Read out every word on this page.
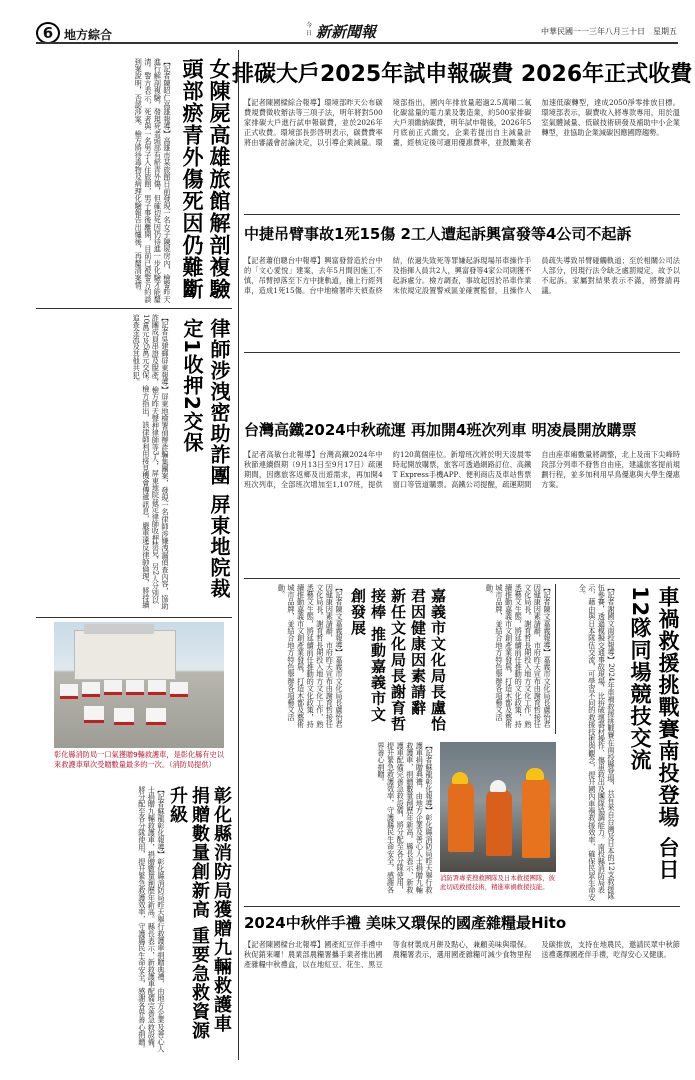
6 地方綜合
今日 新新聞報	中華民國一一三年八月三十日　星期五
女陳屍高雄旅館解剖複驗 頭部瘀青外傷死因仍難斷
【記者陳昭仁高雄報導】高雄市某旅館日前發現一名女子陳屍房內，檢警昨天進行解剖複驗，發現死者頭部有瘀青外傷，但確切死因仍待進一步化驗才能釐清。警方表示，死者與一名男子入住旅館，男子事後離開，目前已被警方約談到案說明，否認涉案。檢方將待毒物及病理化驗報告出爐後，再釐清案情。
律師涉洩密助詐團 屏東地院裁定1收押2交保
【記者吳建輝屏東報導】屏東地檢署偵辦詐騙集團案，發現一名律師涉嫌洩漏偵查內容，協助詐團成員串證及脫產，檢方昨天聲押律師等3人，屏東地院裁定律師收押禁見，另2人分別以10萬元及5萬元交保。檢方指出，該律師利用接見機會傳遞訊息，嚴重違反律師倫理，將持續追查金流及其他共犯。
彰化縣消防局一口氣獲贈9輛救護車，是彰化縣有史以來救護車單次受贈數量最多的一次。（消防局提供）
彰化縣消防局獲贈九輛救護車 捐贈數量創新高 重要急救資源升級
【記者蘇龍彰化報導】彰化縣消防局昨天舉行救護車捐贈典禮，由地方企業及善心人士捐贈九輛救護車，捐贈數量創歷年新高。縣長表示，新救護車配備完善急救設備，將分配至各分隊使用，提升緊急救護效率，守護縣民生命安全，感謝各界善心捐贈。
排碳大戶2025年試申報碳費 2026年正式收費
【記者陳國樑綜合報導】環境部昨天公布碳費規費徵收辦法等三項子法，明年將對500家排碳大戶進行試申報碳費，並於2026年正式收費。環境部長彭啓明表示，碳費費率將由審議會討論決定，以引導企業減量。環境部指出，國內年排放量超過2.5萬噸二氧化碳當量的電力業及製造業，約500家排碳大戶須繳納碳費，明年試申報後，2026年5月底前正式繳交。企業若提出自主減量計畫，經核定後可適用優惠費率，並鼓勵業者加速低碳轉型，達成2050淨零排放目標。環境部表示，碳費收入將專款專用，用於溫室氣體減量、低碳技術研發及補助中小企業轉型，並協助企業減碳因應國際趨勢。
中捷吊臂事故1死15傷 2工人遭起訴興富發等4公司不起訴
【記者蕭伯聰台中報導】興富發營造於台中的「文心愛悅」建案，去年5月間因施工不慎，吊臂掉落至下方中捷軌道，撞上行經列車，造成1死15傷。台中地檢署昨天偵查終結，依過失致死等罪嫌起訴現場吊車操作手及指揮人員共2人，興富發等4家公司則獲不起訴處分。檢方調查，事故起因於吊車作業未依規定設置警戒區並確實監督，且操作人員疏失導致吊臂碰觸軌道；至於相關公司法人部分，因現行法令缺乏處罰規定，故予以不起訴。家屬對結果表示不滿，將聲請再議。
台灣高鐵2024中秋疏運 再加開4班次列車 明凌晨開放購票
【記者高敏台北報導】台灣高鐵2024年中秋節連續假期（9月13日至9月17日）疏運期間，因應旅客返鄉及出遊需求，再加開4班次列車，全部班次增加至1,107班，提供約120萬個座位。新增班次將於明天凌晨零時起開放購票，旅客可透過網路訂位、高鐵T Express手機APP、便利商店及車站售票窗口等管道購票。高鐵公司提醒，疏運期間自由座車廂數量將調整，北上及南下尖峰時段部分列車不發售自由座，建議旅客提前規劃行程，並多加利用早鳥優惠與大學生優惠方案。
車禍救援挑戰賽南投登場 台日12隊同場競技交流
【記者謝國文南投報導】2024年車禍救援挑戰賽在南投縣登場，共有來自台灣及日本的12支救援隊伍參賽，透過模擬交通事故現場，比拚破壞器材操作、傷患救出及團隊協調能力。南投縣消防局表示，藉由與日本隊伍交流，可學習不同的救援技術與觀念，提升國內車禍救援效率，確保民眾生命安全。
嘉義市文化局長盧怡君因健康因素請辭 新任文化局長謝育哲接棒 推動嘉義市文創發展
【記者陳文嘉義報導】嘉義市文化局長盧怡君因健康因素請辭，市府昨天宣布由謝育哲接任文化局長。謝育哲長期投入地方文化工作，熟悉藝文生態，將延續前任推動的文化政策，持續推動嘉義市文創產業發展，打造木都及藝術城市品牌，並結合地方特色舉辦各項藝文活動。	【記者陳文嘉義報導】嘉義市文化局長盧怡君因健康因素請辭，市府昨天宣布由謝育哲接任文化局長。謝育哲長期投入地方文化工作，熟悉藝文生態，將延續前任推動的文化政策，持續推動嘉義市文創產業發展，打造木都及藝術城市品牌，並結合地方特色舉辦各項藝文活動。
【記者蘇龍彰化報導】彰化縣消防局昨天舉行救護車捐贈典禮，由地方企業及善心人士捐贈九輛救護車，捐贈數量創歷年新高。縣長表示，新救護車配備完善急救設備，將分配至各分隊使用，提升緊急救護效率，守護縣民生命安全，感謝各界善心捐贈。
消防署專業搜救團隊及日本救援團隊，彼此切磋救援技術，精進車禍救援技能。
2024中秋伴手禮 美味又環保的國產雜糧最Hito
【記者陳國樑台北報導】國產紅豆伴手禮中秋促銷來囉！農業部農糧署攜手業者推出國產雜糧中秋禮盒，以在地紅豆、花生、黑豆等食材製成月餅及點心，兼顧美味與環保。農糧署表示，選用國產雜糧可減少食物里程及碳排放，支持在地農民，邀請民眾中秋節送禮選擇國產伴手禮，吃得安心又健康。
